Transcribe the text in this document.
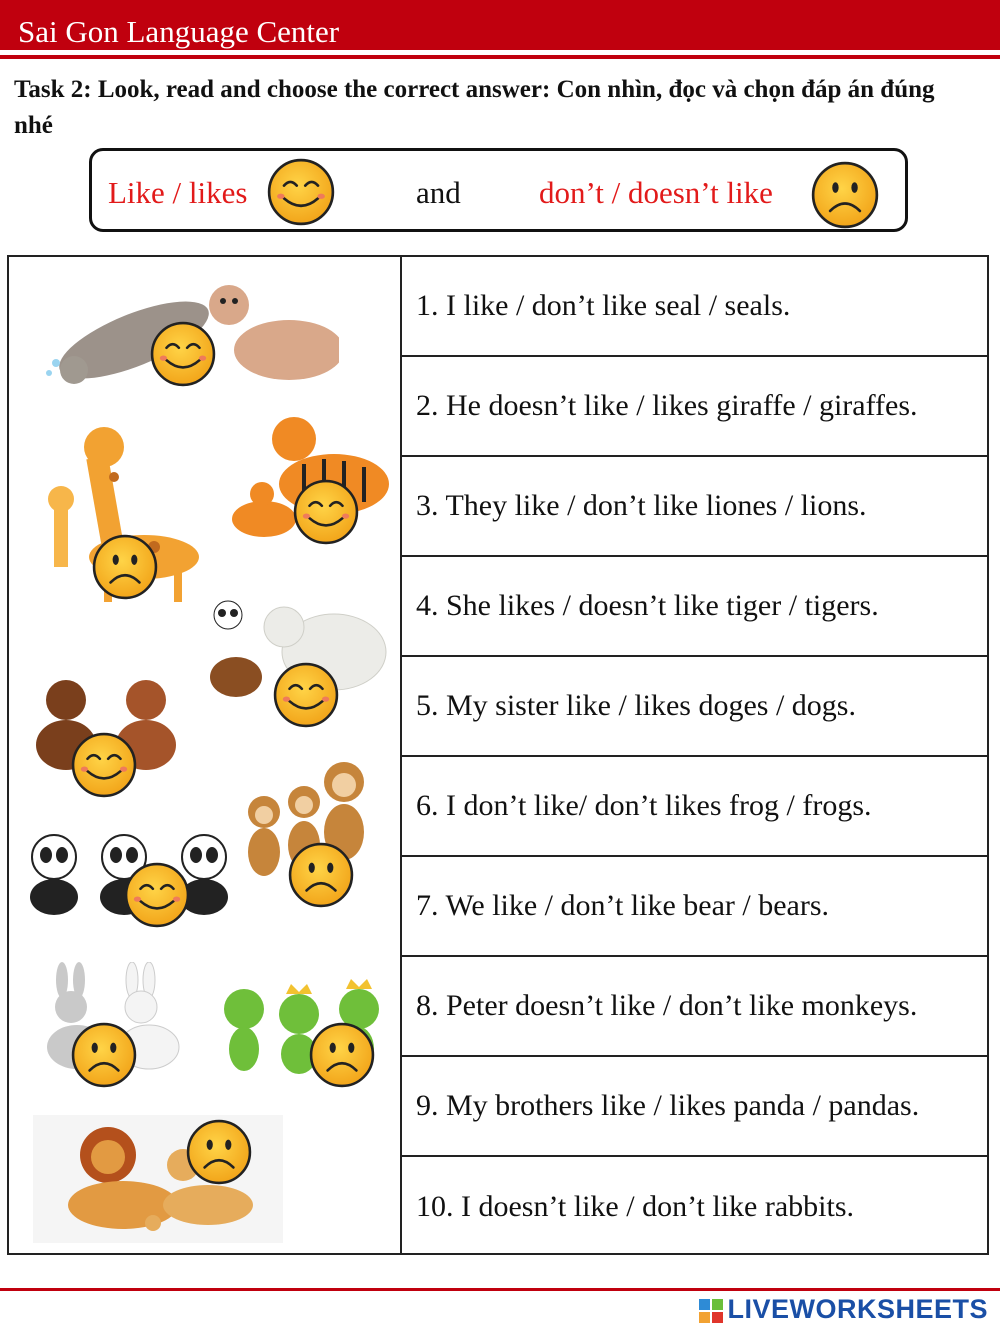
Sai Gon Language Center
Task 2: Look, read and choose the correct answer: Con nhìn, đọc và chọn đáp án đúng nhé
Like / likes	and	don’t / doesn’t like
1. I like / don’t like seal / seals.
2. He doesn’t like / likes giraffe / giraffes.
3. They like / don’t like liones / lions.
4. She likes / doesn’t like tiger / tigers.
5. My sister like / likes doges / dogs.
6. I don’t like/ don’t likes frog / frogs.
7. We like / don’t like bear / bears.
8. Peter doesn’t like / don’t like monkeys.
9. My brothers like / likes panda / pandas.
10. I doesn’t like / don’t like rabbits.
LIVEWORKSHEETS
